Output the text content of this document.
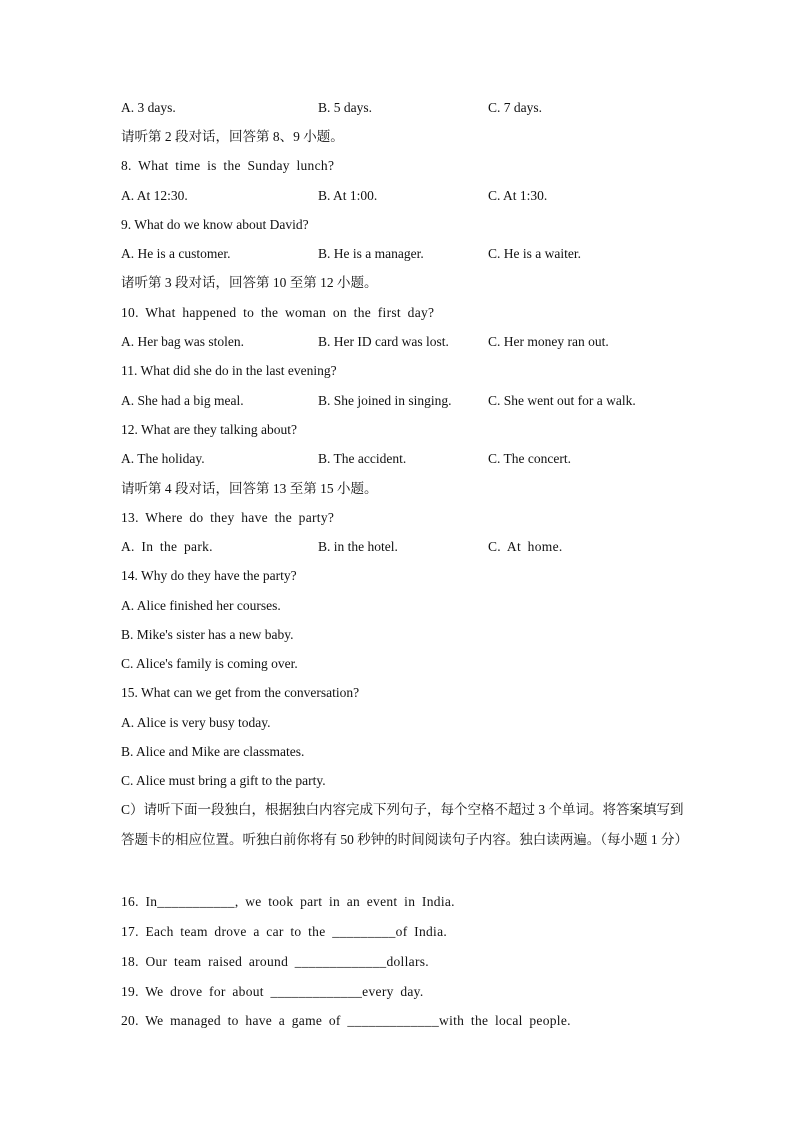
A. 3 days.	B. 5 days.	C. 7 days.
请听第 2 段对话，回答第 8、9 小题。
8. What time is the Sunday lunch?
A. At 12:30.	B. At 1:00.	C. At 1:30.
9. What do we know about David?
A. He is a customer.	B. He is a manager.	C. He is a waiter.
诸听第 3 段对话，回答第 10 至第 12 小题。
10. What happened to the woman on the first day?
A. Her bag was stolen.	B. Her ID card was lost.	C. Her money ran out.
11. What did she do in the last evening?
A. She had a big meal.	B. She joined in singing.	C. She went out for a walk.
12. What are they talking about?
A. The holiday.	B. The accident.	C. The concert.
请听第 4 段对话，回答第 13 至第 15 小题。
13. Where do they have the party?
A. In the park.	B. in the hotel.	C. At home.
14. Why do they have the party?
A. Alice finished her courses.
B. Mike's sister has a new baby.
C. Alice's family is coming over.
15. What can we get from the conversation?
A. Alice is very busy today.
B. Alice and Mike are classmates.
C. Alice must bring a gift to the party.
C）请听下面一段独白，根据独白内容完成下列句子，每个空格不超过 3 个单词。将答案填写到答题卡的相应位置。听独白前你将有 50 秒钟的时间阅读句子内容。独白读两遍。（每小题 1 分）
16. In___________, we took part in an event in India.
17. Each team drove a car to the _________of India.
18. Our team raised around _____________dollars.
19. We drove for about _____________every day.
20. We managed to have a game of _____________with the local people.
